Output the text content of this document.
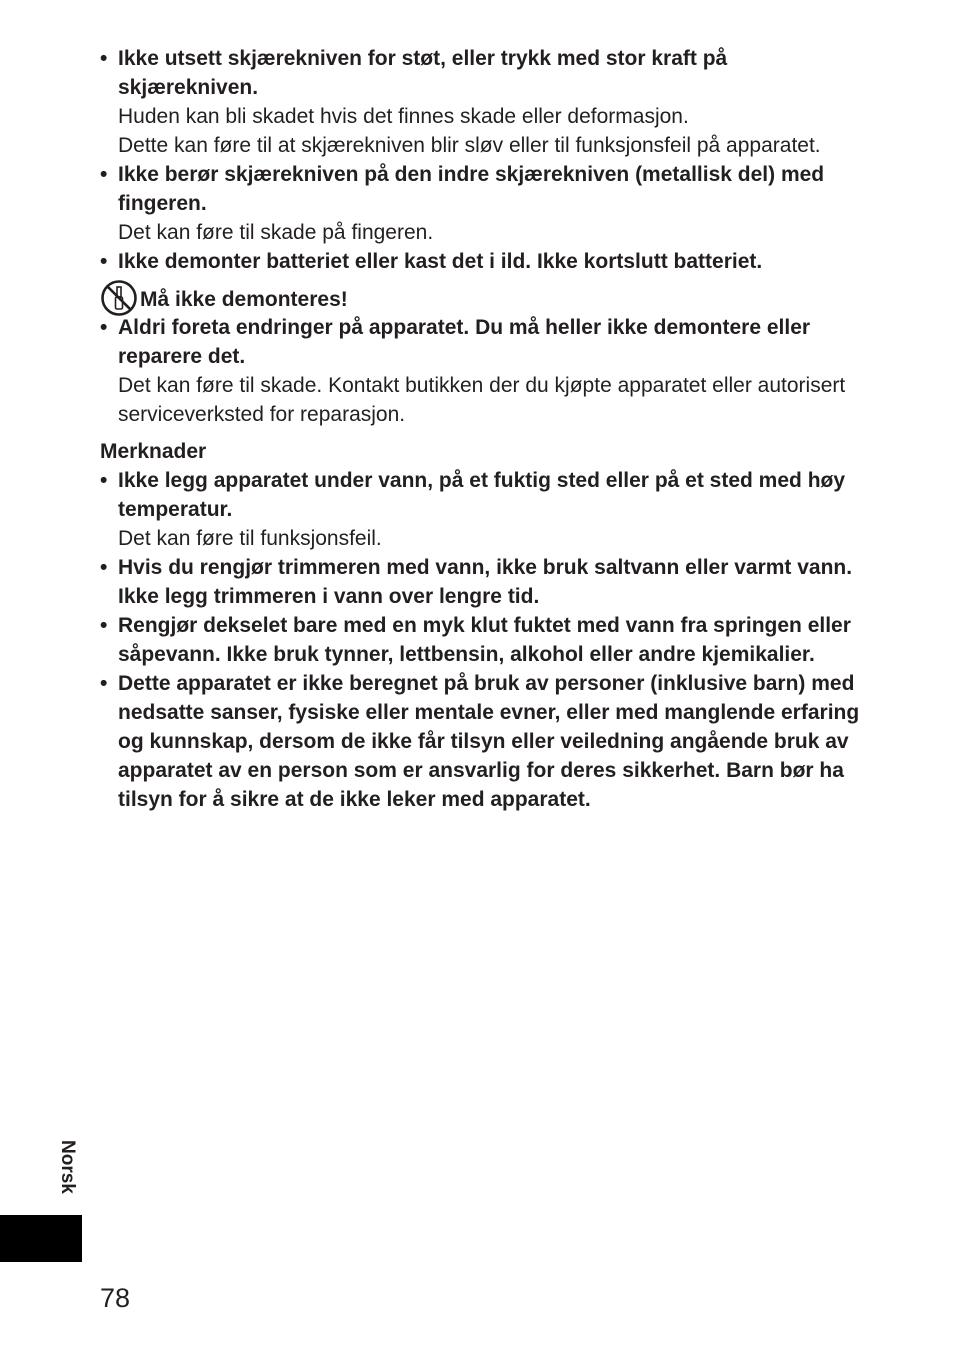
• Ikke utsett skjærekniven for støt, eller trykk med stor kraft på skjærekniven.
Huden kan bli skadet hvis det finnes skade eller deformasjon.
Dette kan føre til at skjærekniven blir sløv eller til funksjonsfeil på apparatet.
• Ikke berør skjærekniven på den indre skjærekniven (metallisk del) med fingeren.
Det kan føre til skade på fingeren.
• Ikke demonter batteriet eller kast det i ild. Ikke kortslutt batteriet.
Må ikke demonteres!
• Aldri foreta endringer på apparatet. Du må heller ikke demontere eller reparere det.
Det kan føre til skade. Kontakt butikken der du kjøpte apparatet eller autorisert serviceverksted for reparasjon.
Merknader
• Ikke legg apparatet under vann, på et fuktig sted eller på et sted med høy temperatur.
Det kan føre til funksjonsfeil.
• Hvis du rengjør trimmeren med vann, ikke bruk saltvann eller varmt vann. Ikke legg trimmeren i vann over lengre tid.
• Rengjør dekselet bare med en myk klut fuktet med vann fra springen eller såpevann. Ikke bruk tynner, lettbensin, alkohol eller andre kjemikalier.
• Dette apparatet er ikke beregnet på bruk av personer (inklusive barn) med nedsatte sanser, fysiske eller mentale evner, eller med manglende erfaring og kunnskap, dersom de ikke får tilsyn eller veiledning angående bruk av apparatet av en person som er ansvarlig for deres sikkerhet. Barn bør ha tilsyn for å sikre at de ikke leker med apparatet.
Norsk
78
